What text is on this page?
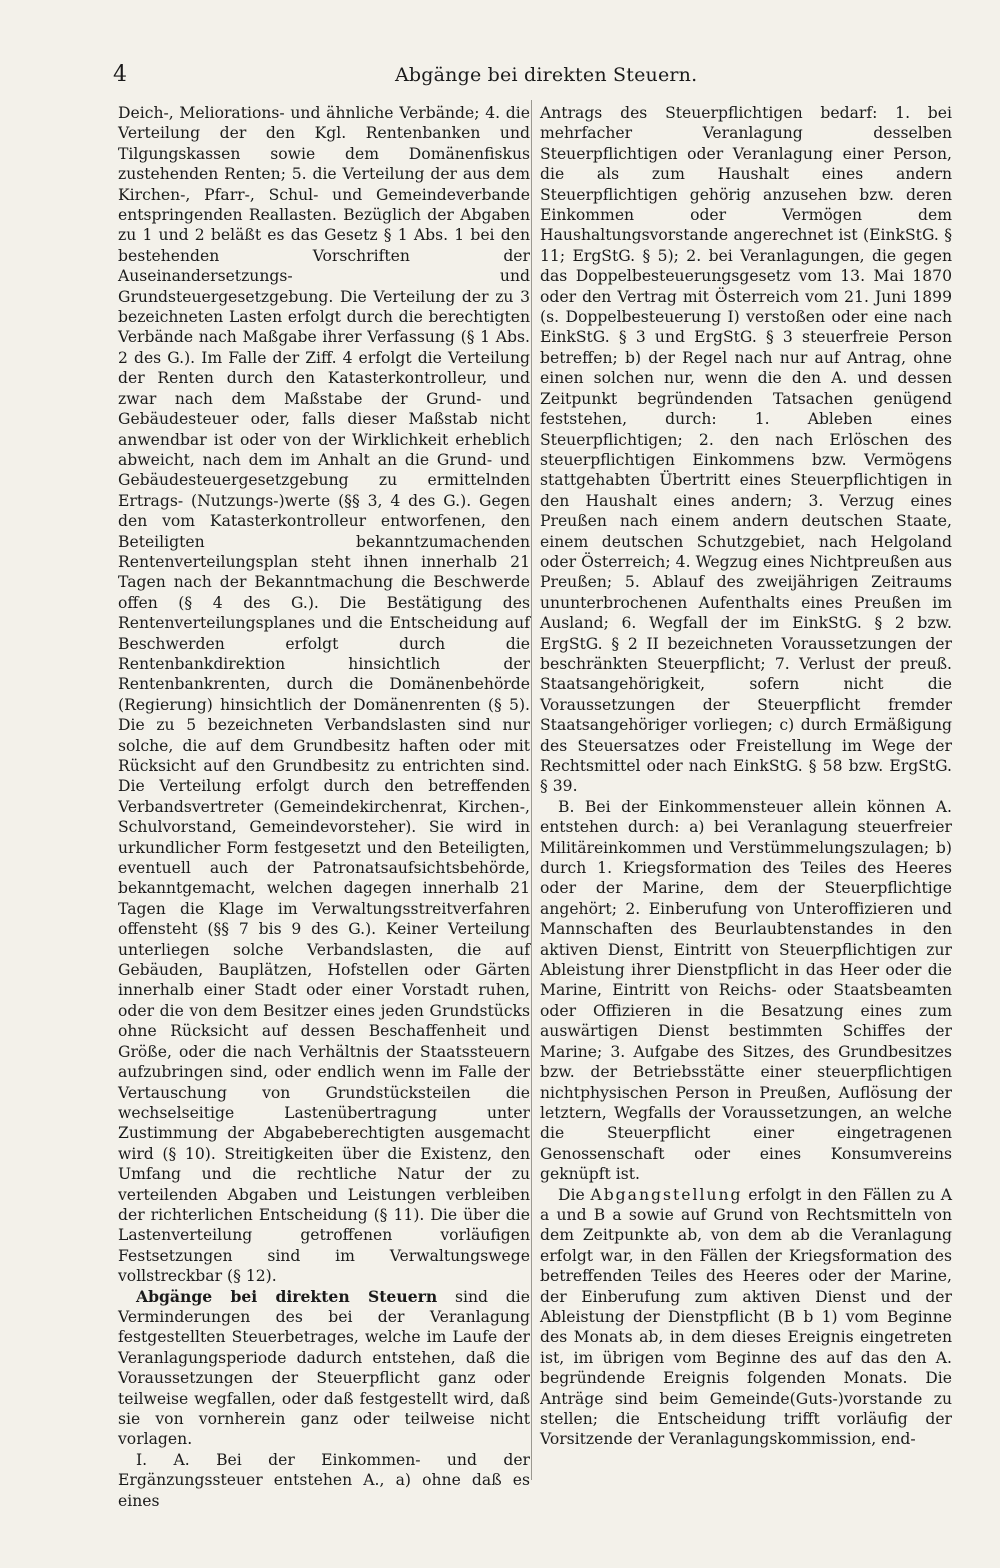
4	Abgänge bei direkten Steuern.

Deich-, Meliorations- und ähnliche Verbände; 4. die Verteilung der den Kgl. Rentenbanken und Tilgungskassen sowie dem Domänenfiskus zustehenden Renten; 5. die Verteilung der aus dem Kirchen-, Pfarr-, Schul- und Gemeindeverbande entspringenden Reallasten. Bezüglich der Abgaben zu 1 und 2 beläßt es das Gesetz § 1 Abs. 1 bei den bestehenden Vorschriften der Auseinandersetzungs- und Grundsteuergesetzgebung. Die Verteilung der zu 3 bezeichneten Lasten erfolgt durch die berechtigten Verbände nach Maßgabe ihrer Verfassung (§ 1 Abs. 2 des G.). Im Falle der Ziff. 4 erfolgt die Verteilung der Renten durch den Katasterkontrolleur, und zwar nach dem Maßstabe der Grund- und Gebäudesteuer oder, falls dieser Maßstab nicht anwendbar ist oder von der Wirklichkeit erheblich abweicht, nach dem im Anhalt an die Grund- und Gebäudesteuergesetzgebung zu ermittelnden Ertrags- (Nutzungs-)werte (§§ 3, 4 des G.). Gegen den vom Katasterkontrolleur entworfenen, den Beteiligten bekanntzumachenden Rentenverteilungsplan steht ihnen innerhalb 21 Tagen nach der Bekanntmachung die Beschwerde offen (§ 4 des G.). Die Bestätigung des Rentenverteilungsplanes und die Entscheidung auf Beschwerden erfolgt durch die Rentenbankdirektion hinsichtlich der Rentenbankrenten, durch die Domänenbehörde (Regierung) hinsichtlich der Domänenrenten (§ 5). Die zu 5 bezeichneten Verbandslasten sind nur solche, die auf dem Grundbesitz haften oder mit Rücksicht auf den Grundbesitz zu entrichten sind. Die Verteilung erfolgt durch den betreffenden Verbandsvertreter (Gemeindekirchenrat, Kirchen-, Schulvorstand, Gemeindevorsteher). Sie wird in urkundlicher Form festgesetzt und den Beteiligten, eventuell auch der Patronatsaufsichtsbehörde, bekanntgemacht, welchen dagegen innerhalb 21 Tagen die Klage im Verwaltungsstreitverfahren offensteht (§§ 7 bis 9 des G.). Keiner Verteilung unterliegen solche Verbandslasten, die auf Gebäuden, Bauplätzen, Hofstellen oder Gärten innerhalb einer Stadt oder einer Vorstadt ruhen, oder die von dem Besitzer eines jeden Grundstücks ohne Rücksicht auf dessen Beschaffenheit und Größe, oder die nach Verhältnis der Staatssteuern aufzubringen sind, oder endlich wenn im Falle der Vertauschung von Grundstücksteilen die wechselseitige Lastenübertragung unter Zustimmung der Abgabeberechtigten ausgemacht wird (§ 10). Streitigkeiten über die Existenz, den Umfang und die rechtliche Natur der zu verteilenden Abgaben und Leistungen verbleiben der richterlichen Entscheidung (§ 11). Die über die Lastenverteilung getroffenen vorläufigen Festsetzungen sind im Verwaltungswege vollstreckbar (§ 12).

Abgänge bei direkten Steuern sind die Verminderungen des bei der Veranlagung festgestellten Steuerbetrages, welche im Laufe der Veranlagungsperiode dadurch entstehen, daß die Voraussetzungen der Steuerpflicht ganz oder teilweise wegfallen, oder daß festgestellt wird, daß sie von vornherein ganz oder teilweise nicht vorlagen.

I. A. Bei der Einkommen- und der Ergänzungssteuer entstehen A., a) ohne daß es eines

Antrags des Steuerpflichtigen bedarf: 1. bei mehrfacher Veranlagung desselben Steuerpflichtigen oder Veranlagung einer Person, die als zum Haushalt eines andern Steuerpflichtigen gehörig anzusehen bzw. deren Einkommen oder Vermögen dem Haushaltungsvorstande angerechnet ist (EinkStG. § 11; ErgStG. § 5); 2. bei Veranlagungen, die gegen das Doppelbesteuerungsgesetz vom 13. Mai 1870 oder den Vertrag mit Österreich vom 21. Juni 1899 (s. Doppelbesteuerung I) verstoßen oder eine nach EinkStG. § 3 und ErgStG. § 3 steuerfreie Person betreffen; b) der Regel nach nur auf Antrag, ohne einen solchen nur, wenn die den A. und dessen Zeitpunkt begründenden Tatsachen genügend feststehen, durch: 1. Ableben eines Steuerpflichtigen; 2. den nach Erlöschen des steuerpflichtigen Einkommens bzw. Vermögens stattgehabten Übertritt eines Steuerpflichtigen in den Haushalt eines andern; 3. Verzug eines Preußen nach einem andern deutschen Staate, einem deutschen Schutzgebiet, nach Helgoland oder Österreich; 4. Wegzug eines Nichtpreußen aus Preußen; 5. Ablauf des zweijährigen Zeitraums ununterbrochenen Aufenthalts eines Preußen im Ausland; 6. Wegfall der im EinkStG. § 2 bzw. ErgStG. § 2 II bezeichneten Voraussetzungen der beschränkten Steuerpflicht; 7. Verlust der preuß. Staatsangehörigkeit, sofern nicht die Voraussetzungen der Steuerpflicht fremder Staatsangehöriger vorliegen; c) durch Ermäßigung des Steuersatzes oder Freistellung im Wege der Rechtsmittel oder nach EinkStG. § 58 bzw. ErgStG. § 39.

B. Bei der Einkommensteuer allein können A. entstehen durch: a) bei Veranlagung steuerfreier Militäreinkommen und Verstümmelungszulagen; b) durch 1. Kriegsformation des Teiles des Heeres oder der Marine, dem der Steuerpflichtige angehört; 2. Einberufung von Unteroffizieren und Mannschaften des Beurlaubtenstandes in den aktiven Dienst, Eintritt von Steuerpflichtigen zur Ableistung ihrer Dienstpflicht in das Heer oder die Marine, Eintritt von Reichs- oder Staatsbeamten oder Offizieren in die Besatzung eines zum auswärtigen Dienst bestimmten Schiffes der Marine; 3. Aufgabe des Sitzes, des Grundbesitzes bzw. der Betriebsstätte einer steuerpflichtigen nichtphysischen Person in Preußen, Auflösung der letztern, Wegfalls der Voraussetzungen, an welche die Steuerpflicht einer eingetragenen Genossenschaft oder eines Konsumvereins geknüpft ist.

Die Abgangstellung erfolgt in den Fällen zu A a und B a sowie auf Grund von Rechtsmitteln von dem Zeitpunkte ab, von dem ab die Veranlagung erfolgt war, in den Fällen der Kriegsformation des betreffenden Teiles des Heeres oder der Marine, der Einberufung zum aktiven Dienst und der Ableistung der Dienstpflicht (B b 1) vom Beginne des Monats ab, in dem dieses Ereignis eingetreten ist, im übrigen vom Beginne des auf das den A. begründende Ereignis folgenden Monats. Die Anträge sind beim Gemeinde(Guts-)vorstande zu stellen; die Entscheidung trifft vorläufig der Vorsitzende der Veranlagungskommission, end-
